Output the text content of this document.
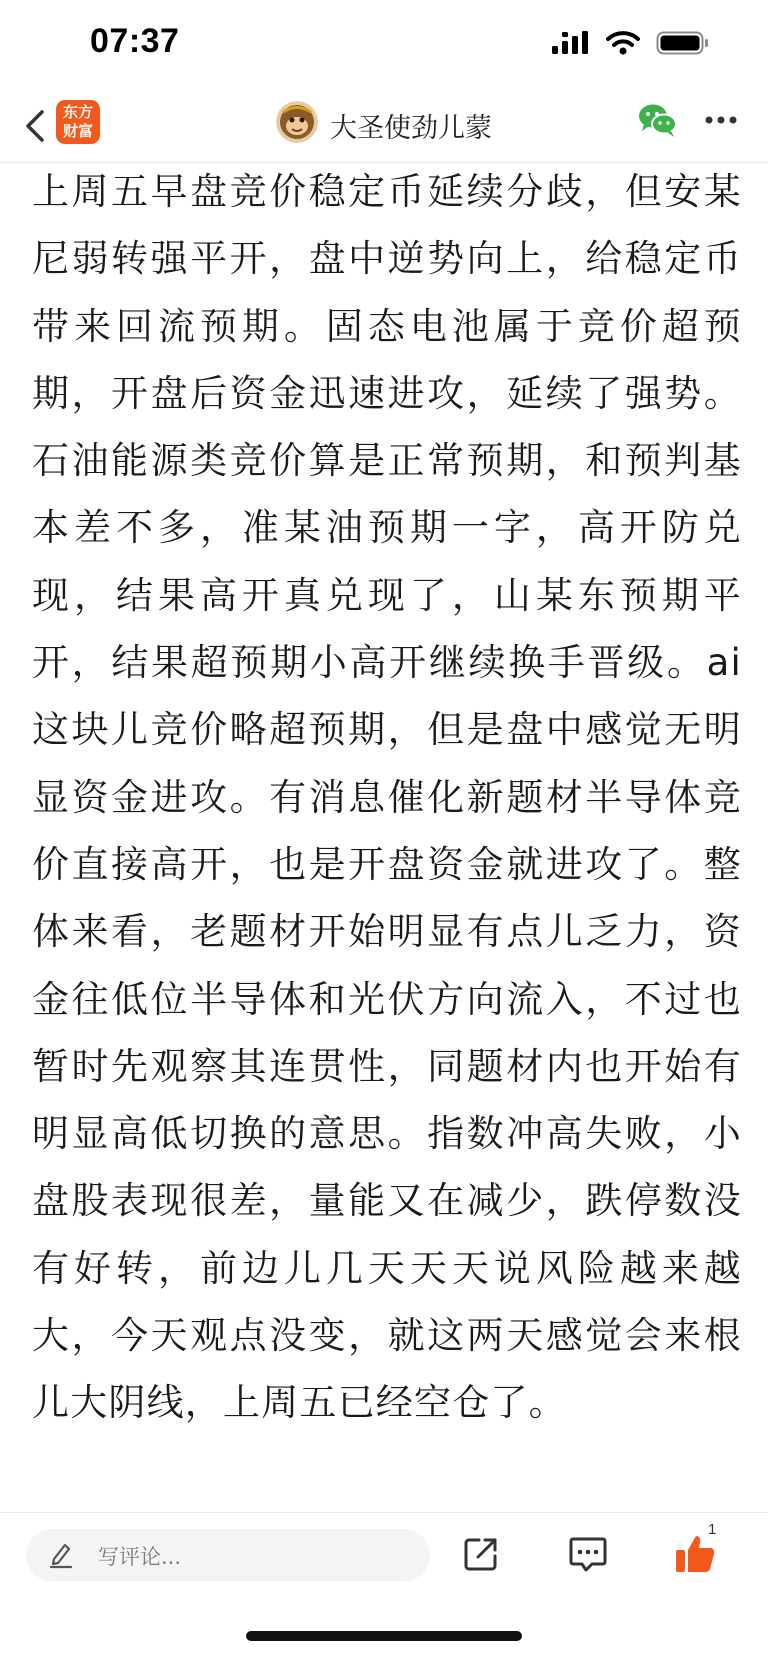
07:37
东方
财富	大圣使劲儿蒙
上周五早盘竞价稳定币延续分歧，但安某尼弱转强平开，盘中逆势向上，给稳定币带来回流预期。固态电池属于竞价超预期，开盘后资金迅速进攻，延续了强势。石油能源类竞价算是正常预期，和预判基本差不多，准某油预期一字，高开防兑现，结果高开真兑现了，山某东预期平开，结果超预期小高开继续换手晋级。ai这块儿竞价略超预期，但是盘中感觉无明显资金进攻。有消息催化新题材半导体竞价直接高开，也是开盘资金就进攻了。整体来看，老题材开始明显有点儿乏力，资金往低位半导体和光伏方向流入，不过也暂时先观察其连贯性，同题材内也开始有明显高低切换的意思。指数冲高失败，小盘股表现很差，量能又在减少，跌停数没有好转，前边儿几天天天说风险越来越大，今天观点没变，就这两天感觉会来根儿大阴线，上周五已经空仓了。
写评论...
1
